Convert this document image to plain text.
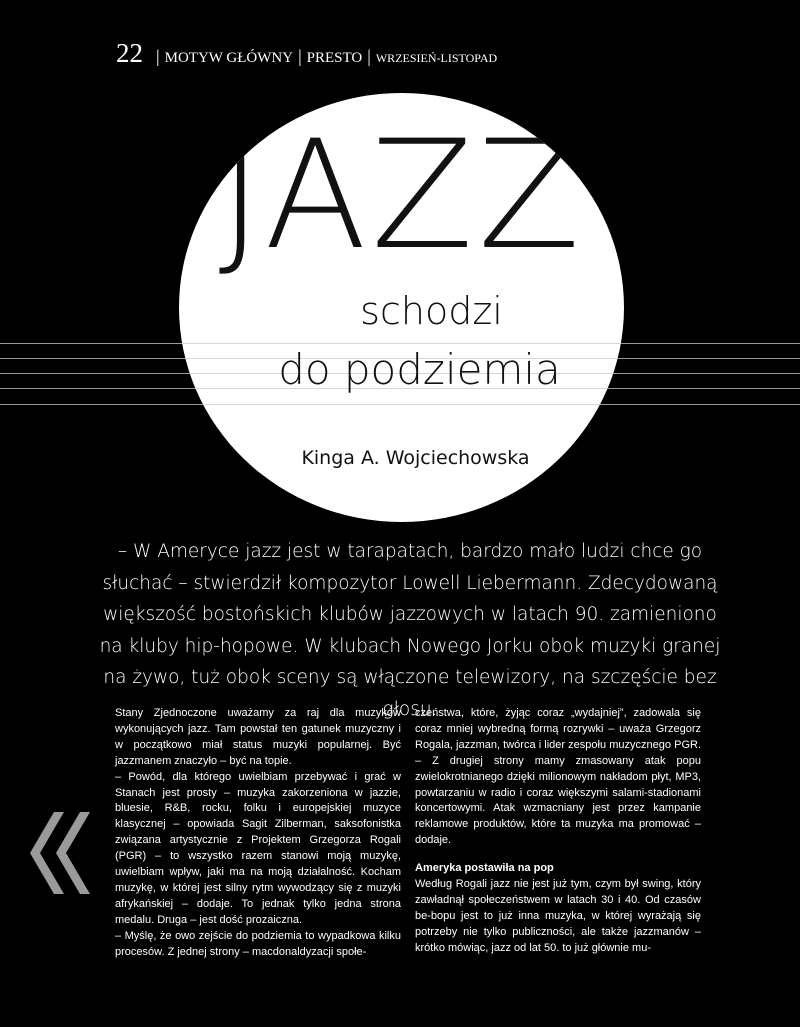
22 | MOTYW GŁÓWNY | PRESTO | WRZESIEŃ-LISTOPAD
JAZZ
schodzi
do podziemia
Kinga A. Wojciechowska
– W Ameryce jazz jest w tarapatach, bardzo mało ludzi chce go słuchać – stwierdził kompozytor Lowell Liebermann. Zdecydowaną większość bostońskich klubów jazzowych w latach 90. zamieniono na kluby hip-hopowe. W klubach Nowego Jorku obok muzyki granej na żywo, tuż obok sceny są włączone telewizory, na szczęście bez głosu.

Stany Zjednoczone uważamy za raj dla muzyków wykonujących jazz. Tam powstał ten gatunek muzyczny i w początkowo miał status muzyki popularnej. Być jazzmanem znaczyło – być na topie.

– Powód, dla którego uwielbiam przebywać i grać w Stanach jest prosty – muzyka zakorzeniona w jazzie, bluesie, R&B, rocku, folku i europejskiej muzyce klasycznej – opowiada Sagit Zilberman, saksofonistka związana artystycznie z Projektem Grzegorza Rogali (PGR) – to wszystko razem stanowi moją muzykę, uwielbiam wpływ, jaki ma na moją działalność. Kocham muzykę, w której jest silny rytm wywodzący się z muzyki afrykańskiej – dodaje. To jednak tylko jedna strona medalu. Druga – jest dość prozaiczna.

– Myślę, że owo zejście do podziemia to wypadkowa kilku procesów. Z jednej strony – macdonaldyzacji społe-

czeństwa, które, żyjąc coraz „wydajniej”, zadowala się coraz mniej wybredną formą rozrywki – uważa Grzegorz Rogala, jazzman, twórca i lider zespołu muzycznego PGR. – Z drugiej strony mamy zmasowany atak popu zwielokrotnianego dzięki milionowym nakładom płyt, MP3, powtarzaniu w radio i coraz większymi salami-stadionami koncertowymi. Atak wzmacniany jest przez kampanie reklamowe produktów, które ta muzyka ma promować – dodaje.

Ameryka postawiła na pop

Według Rogali jazz nie jest już tym, czym był swing, który zawładnął społeczeństwem w latach 30 i 40. Od czasów be-bopu jest to już inna muzyka, w której wyrażają się potrzeby nie tylko publiczności, ale także jazzmanów – krótko mówiąc, jazz od lat 50. to już głównie mu-
